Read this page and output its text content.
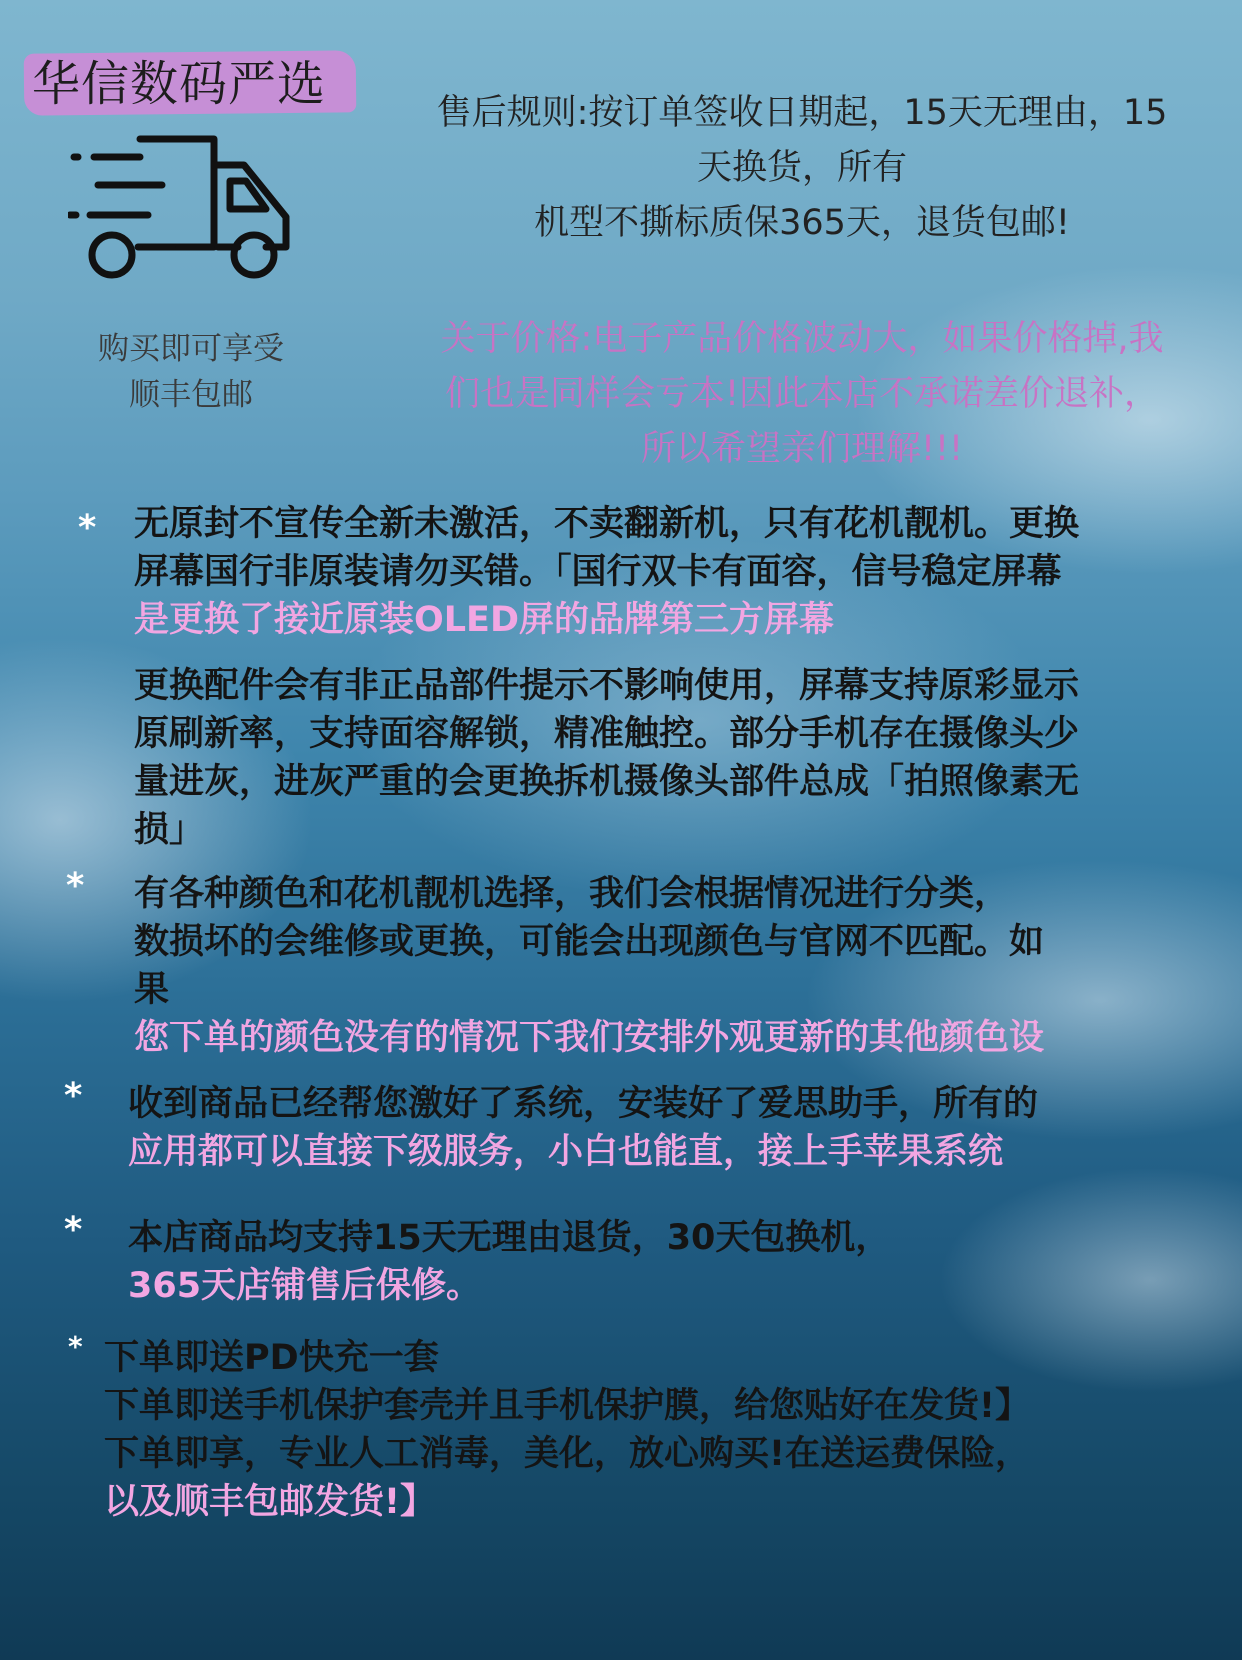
华信数码严选
购买即可享受
顺丰包邮
售后规则:按订单签收日期起，15天无理由，15
天换货，所有
机型不撕标质保365天，退货包邮!
关于价格:电子产品价格波动大，如果价格掉,我
们也是同样会亏本!因此本店不承诺差价退补，
所以希望亲们理解!!!
*
*
*
*
*
无原封不宣传全新未激活，不卖翻新机，只有花机靓机。更换
屏幕国行非原装请勿买错。「国行双卡有面容，信号稳定屏幕
是更换了接近原装OLED屏的品牌第三方屏幕
更换配件会有非正品部件提示不影响使用，屏幕支持原彩显示
原刷新率，支持面容解锁，精准触控。部分手机存在摄像头少
量进灰，进灰严重的会更换拆机摄像头部件总成「拍照像素无
损」
有各种颜色和花机靓机选择，我们会根据情况进行分类，
数损坏的会维修或更换，可能会出现颜色与官网不匹配。如
果
您下单的颜色没有的情况下我们安排外观更新的其他颜色设
收到商品已经帮您激好了系统，安装好了爱思助手，所有的
应用都可以直接下级服务，小白也能直，接上手苹果系统
本店商品均支持15天无理由退货，30天包换机，
365天店铺售后保修。
下单即送PD快充一套
下单即送手机保护套壳并且手机保护膜，给您贴好在发货!】
下单即享，专业人工消毒，美化，放心购买!在送运费保险，
以及顺丰包邮发货!】
